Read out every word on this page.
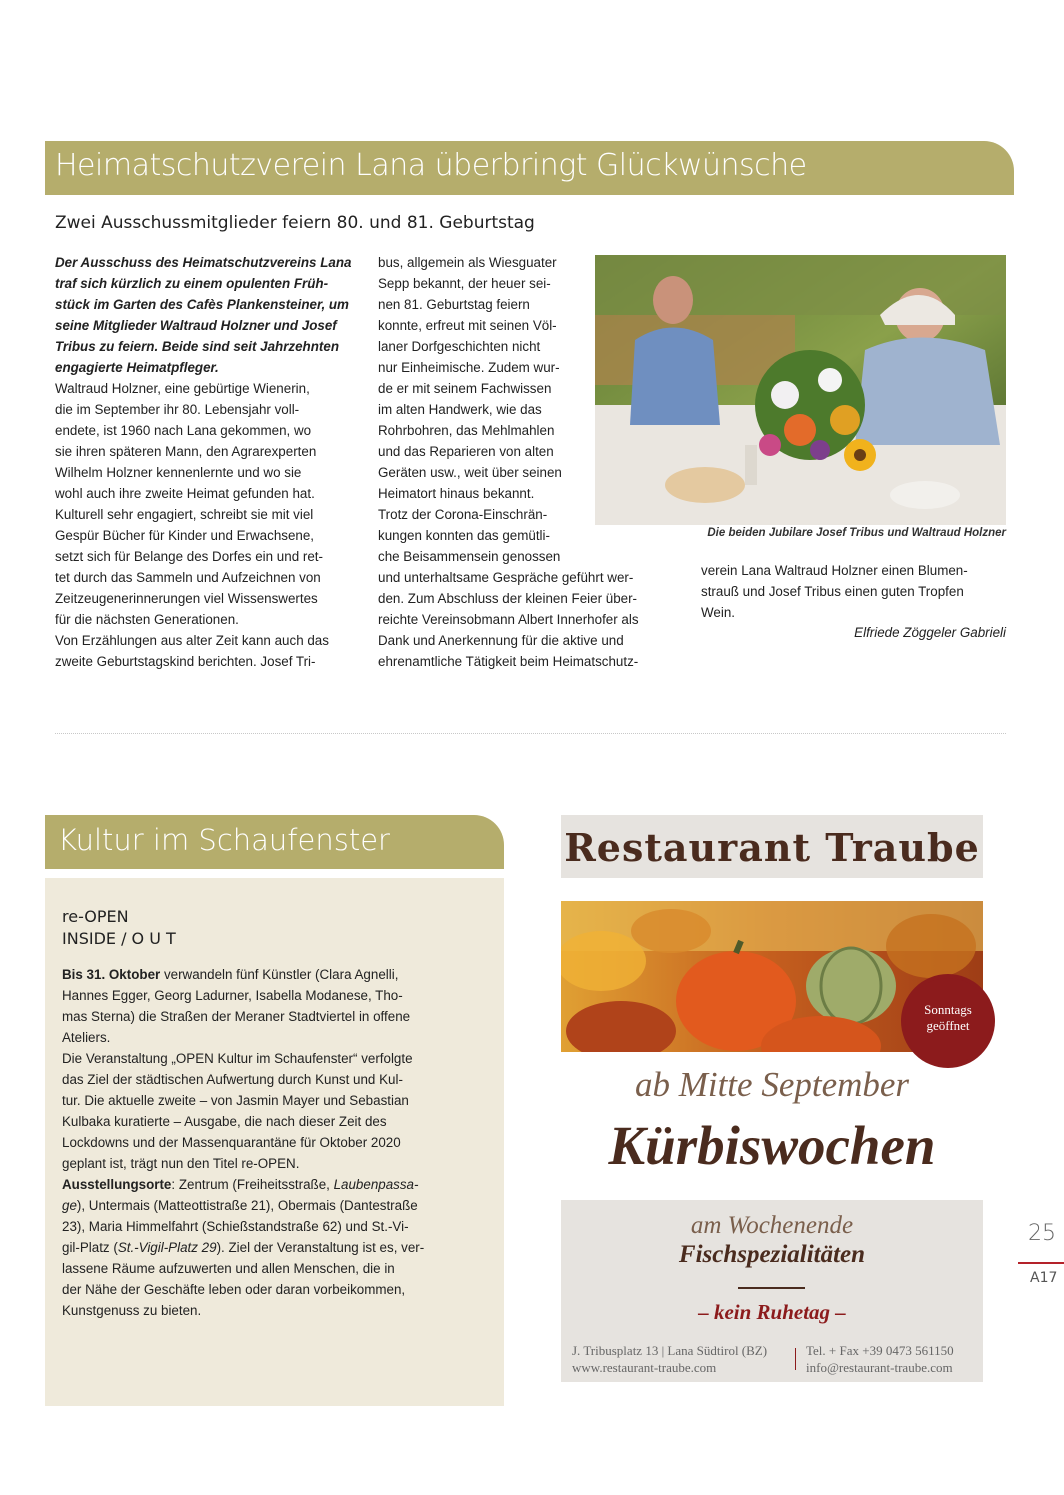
Heimatschutzverein Lana überbringt Glückwünsche
Zwei Ausschussmitglieder feiern 80. und 81. Geburtstag

Der Ausschuss des Heimatschutzvereins Lana

traf sich kürzlich zu einem opulenten Früh-

stück im Garten des Cafès Plankensteiner, um

seine Mitglieder Waltraud Holzner und Josef

Tribus zu feiern. Beide sind seit Jahrzehnten

engagierte Heimatpfleger.

Waltraud Holzner, eine gebürtige Wienerin,

die im September ihr 80. Lebensjahr voll-

endete, ist 1960 nach Lana gekommen, wo

sie ihren späteren Mann, den Agrarexperten

Wilhelm Holzner kennenlernte und wo sie

wohl auch ihre zweite Heimat gefunden hat.

Kulturell sehr engagiert, schreibt sie mit viel

Gespür Bücher für Kinder und Erwachsene,

setzt sich für Belange des Dorfes ein und ret-

tet durch das Sammeln und Aufzeichnen von

Zeitzeugenerinnerungen viel Wissenswertes

für die nächsten Generationen.

Von Erzählungen aus alter Zeit kann auch das

zweite Geburtstagskind berichten. Josef Tri-

bus, allgemein als Wiesguater

Sepp bekannt, der heuer sei-

nen 81. Geburtstag feiern

konnte, erfreut mit seinen Völ-

laner Dorfgeschichten nicht

nur Einheimische. Zudem wur-

de er mit seinem Fachwissen

im alten Handwerk, wie das

Rohrbohren, das Mehlmahlen

und das Reparieren von alten

Geräten usw., weit über seinen

Heimatort hinaus bekannt.

Trotz der Corona-Einschrän-

kungen konnten das gemütli-

che Beisammensein genossen

und unterhaltsame Gespräche geführt wer-

den. Zum Abschluss der kleinen Feier über-

reichte Vereinsobmann Albert Innerhofer als

Dank und Anerkennung für die aktive und

ehrenamtliche Tätigkeit beim Heimatschutz-

Die beiden Jubilare Josef Tribus und Waltraud Holzner

verein Lana Waltraud Holzner einen Blumen-

strauß und Josef Tribus einen guten Tropfen

Wein.

Elfriede Zöggeler Gabrieli
Kultur im Schaufenster

re-OPEN

INSIDE / O U T

Bis 31. Oktober verwandeln fünf Künstler (Clara Agnelli,

Hannes Egger, Georg Ladurner, Isabella Modanese, Tho-

mas Sterna) die Straßen der Meraner Stadtviertel in offene

Ateliers.

Die Veranstaltung „OPEN Kultur im Schaufenster“ verfolgte

das Ziel der städtischen Aufwertung durch Kunst und Kul-

tur. Die aktuelle zweite – von Jasmin Mayer und Sebastian

Kulbaka kuratierte – Ausgabe, die nach dieser Zeit des

Lockdowns und der Massenquarantäne für Oktober 2020

geplant ist, trägt nun den Titel re-OPEN.

Ausstellungsorte: Zentrum (Freiheitsstraße, Laubenpassa-

ge), Untermais (Matteottistraße 21), Obermais (Dantestraße

23), Maria Himmelfahrt (Schießstandstraße 62) und St.-Vi-

gil-Platz (St.-Vigil-Platz 29). Ziel der Veranstaltung ist es, ver-

lassene Räume aufzuwerten und allen Menschen, die in

der Nähe der Geschäfte leben oder daran vorbeikommen,

Kunstgenuss zu bieten.

Restaurant Traube

Sonntags

geöffnet

ab Mitte September
Kürbiswochen
am Wochenende
Fischspezialitäten
– kein Ruhetag –

J. Tribusplatz 13 | Lana Südtirol (BZ)

www.restaurant-traube.com

Tel. + Fax +39 0473 561150

info@restaurant-traube.com

25
A17
